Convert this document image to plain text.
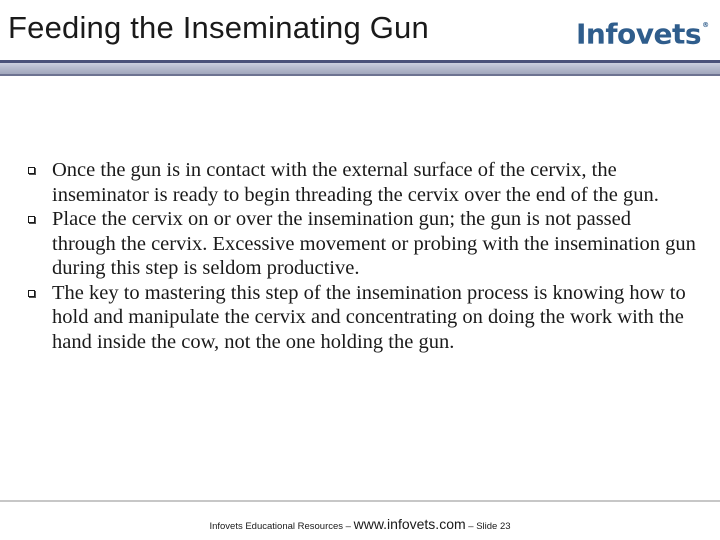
Feeding the Inseminating Gun	Infovets®
Once the gun is in contact with the external surface of the cervix, the inseminator is ready to begin threading the cervix over the end of the gun.
Place the cervix on or over the insemination gun; the gun is not passed through the cervix. Excessive movement or probing with the insemination gun during this step is seldom productive.
The key to mastering this step of the insemination process is knowing how to hold and manipulate the cervix and concentrating on doing the work with the hand inside the cow, not the one holding the gun.
Infovets Educational Resources – www.infovets.com – Slide 23
